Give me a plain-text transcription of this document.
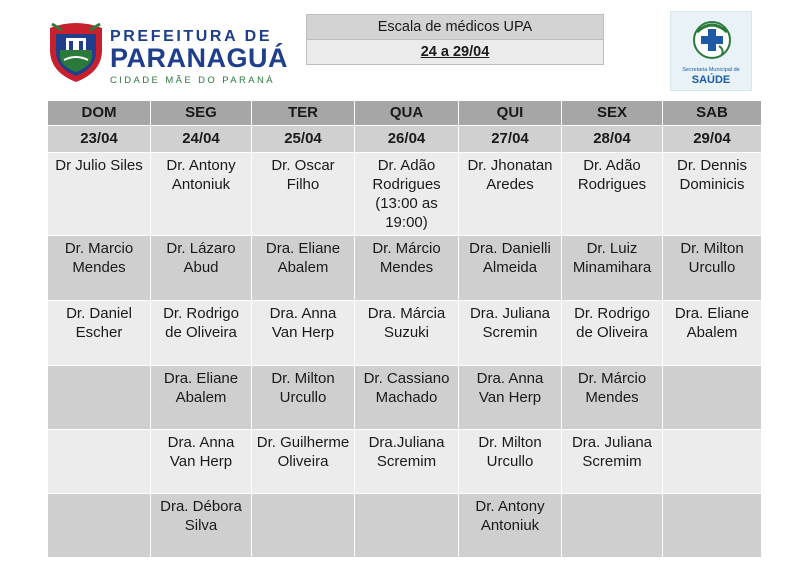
PREFEITURA DE
PARANAGUÁ
CIDADE MÃE DO PARANÁ
Escala de médicos UPA
24 a 29/04
Secretaria Municipal de
SAÚDE
DOM	SEG	TER	QUA	QUI	SEX	SAB
23/04	24/04	25/04	26/04	27/04	28/04	29/04
Dr Julio Siles	Dr. Antony Antoniuk	Dr. Oscar Filho	Dr. Adão Rodrigues (13:00 as 19:00)	Dr. Jhonatan Aredes	Dr. Adão Rodrigues	Dr. Dennis Dominicis
Dr. Marcio Mendes	Dr. Lázaro Abud	Dra. Eliane Abalem	Dr. Márcio Mendes	Dra. Danielli Almeida	Dr. Luiz Minamihara	Dr. Milton Urcullo
Dr. Daniel Escher	Dr. Rodrigo de Oliveira	Dra. Anna Van Herp	Dra. Márcia Suzuki	Dra. Juliana Scremin	Dr. Rodrigo de Oliveira	Dra. Eliane Abalem
	Dra. Eliane Abalem	Dr. Milton Urcullo	Dr. Cassiano Machado	Dra. Anna Van Herp	Dr. Márcio Mendes	
	Dra. Anna Van Herp	Dr. Guilherme Oliveira	Dra.Juliana Scremim	Dr. Milton Urcullo	Dra. Juliana Scremim	
	Dra. Débora Silva			Dr. Antony Antoniuk		
